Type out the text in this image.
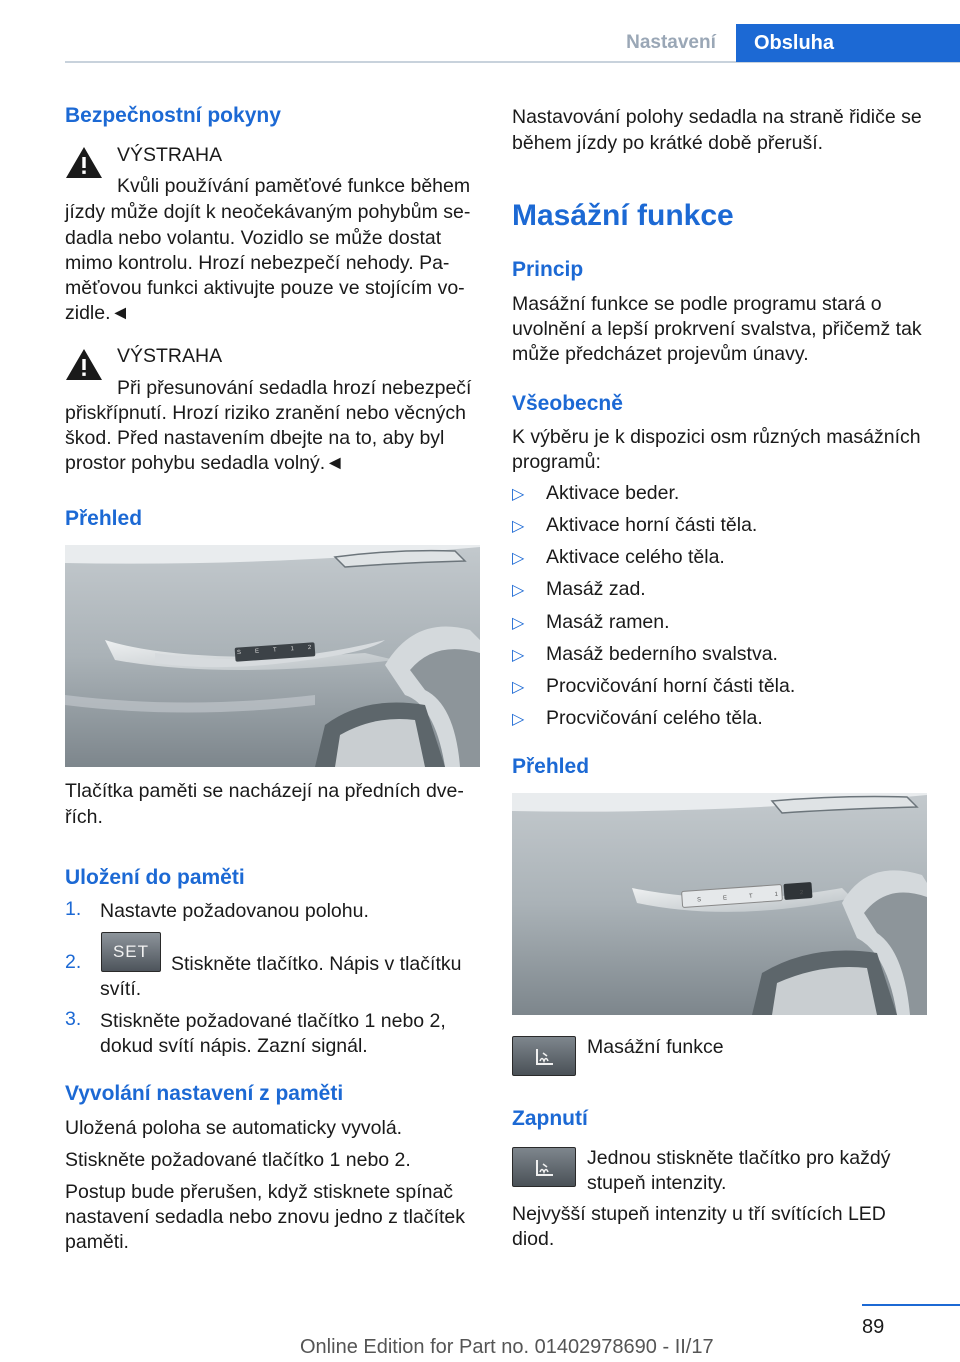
Nastavení	Obsluha
Bezpečnostní pokyny
VÝSTRAHA
Kvůli používání paměťové funkce během
jízdy může dojít k neočekávaným pohybům se-
dadla nebo volantu. Vozidlo se může dostat
mimo kontrolu. Hrozí nebezpečí nehody. Pa-
měťovou funkci aktivujte pouze ve stojícím vo-
zidle.◄
VÝSTRAHA
Při přesunování sedadla hrozí nebezpečí
přiskřípnutí. Hrozí riziko zranění nebo věcných
škod. Před nastavením dbejte na to, aby byl
prostor pohybu sedadla volný.◄
Přehled
SET12
Tlačítka paměti se nacházejí na předních dve-
řích.
Uložení do paměti
1. Nastavte požadovanou polohu.
2.	SET
Stiskněte tlačítko. Nápis v tlačítku
svítí.
3. Stiskněte požadované tlačítko 1 nebo 2,
dokud svítí nápis. Zazní signál.
Vyvolání nastavení z paměti
Uložená poloha se automaticky vyvolá.
Stiskněte požadované tlačítko 1 nebo 2.
Postup bude přerušen, když stisknete spínač
nastavení sedadla nebo znovu jedno z tlačítek
paměti.
Nastavování polohy sedadla na straně řidiče se
během jízdy po krátké době přeruší.
Masážní funkce
Princip
Masážní funkce se podle programu stará o
uvolnění a lepší prokrvení svalstva, přičemž tak
může předcházet projevům únavy.
Všeobecně
K výběru je k dispozici osm různých masážních
programů:
▷ Aktivace beder.
▷ Aktivace horní části těla.
▷ Aktivace celého těla.
▷ Masáž zad.
▷ Masáž ramen.
▷ Masáž bederního svalstva.
▷ Procvičování horní části těla.
▷ Procvičování celého těla.
Přehled
SET12
Masážní funkce
Zapnutí
Jednou stiskněte tlačítko pro každý
stupeň intenzity.
Nejvyšší stupeň intenzity u tří svítících LED
diod.
89
Online Edition for Part no. 01402978690 - II/17
